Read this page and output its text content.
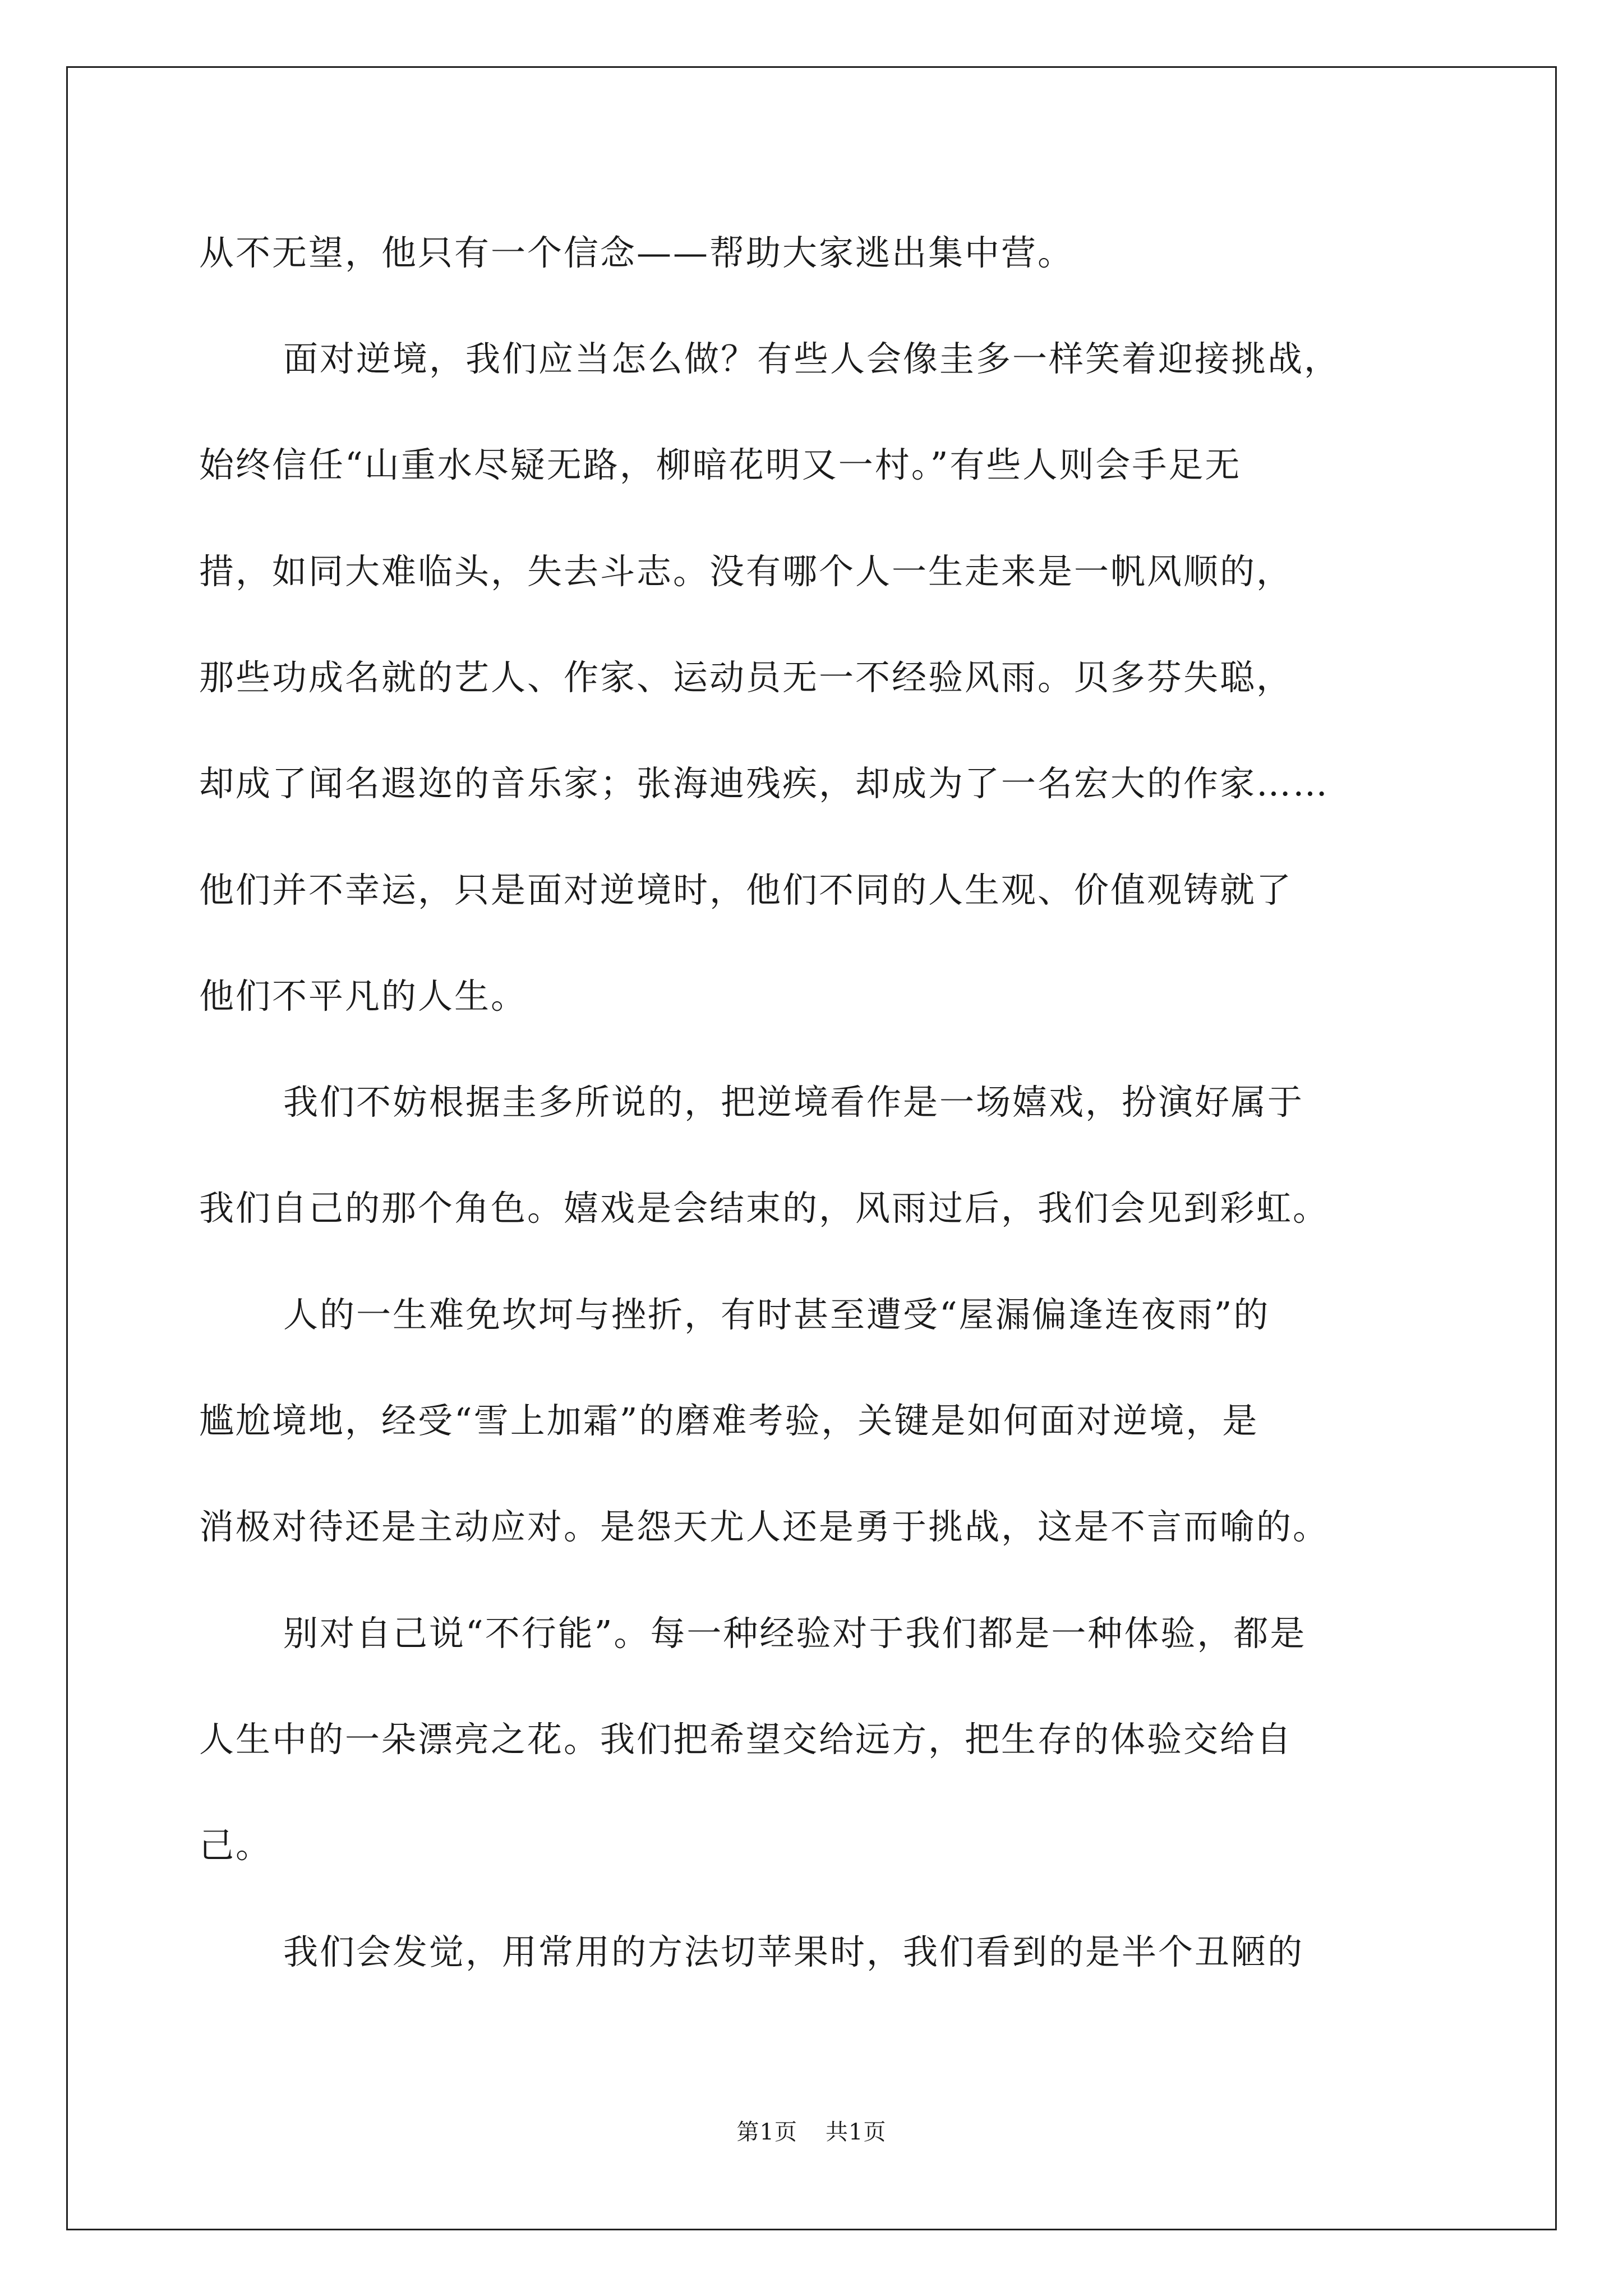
从不无望，他只有一个信念——帮助大家逃出集中营。
面对逆境，我们应当怎么做？有些人会像圭多一样笑着迎接挑战，
始终信任“山重水尽疑无路，柳暗花明又一村。”有些人则会手足无
措，如同大难临头，失去斗志。没有哪个人一生走来是一帆风顺的，
那些功成名就的艺人、作家、运动员无一不经验风雨。贝多芬失聪，
却成了闻名遐迩的音乐家；张海迪残疾，却成为了一名宏大的作家……
他们并不幸运，只是面对逆境时，他们不同的人生观、价值观铸就了
他们不平凡的人生。
我们不妨根据圭多所说的，把逆境看作是一场嬉戏，扮演好属于
我们自己的那个角色。嬉戏是会结束的，风雨过后，我们会见到彩虹。
人的一生难免坎坷与挫折，有时甚至遭受“屋漏偏逢连夜雨”的
尴尬境地，经受“雪上加霜”的磨难考验，关键是如何面对逆境，是
消极对待还是主动应对。是怨天尤人还是勇于挑战，这是不言而喻的。
别对自己说“不行能”。每一种经验对于我们都是一种体验，都是
人生中的一朵漂亮之花。我们把希望交给远方，把生存的体验交给自
己。
我们会发觉，用常用的方法切苹果时，我们看到的是半个丑陋的
第1页 共1页
